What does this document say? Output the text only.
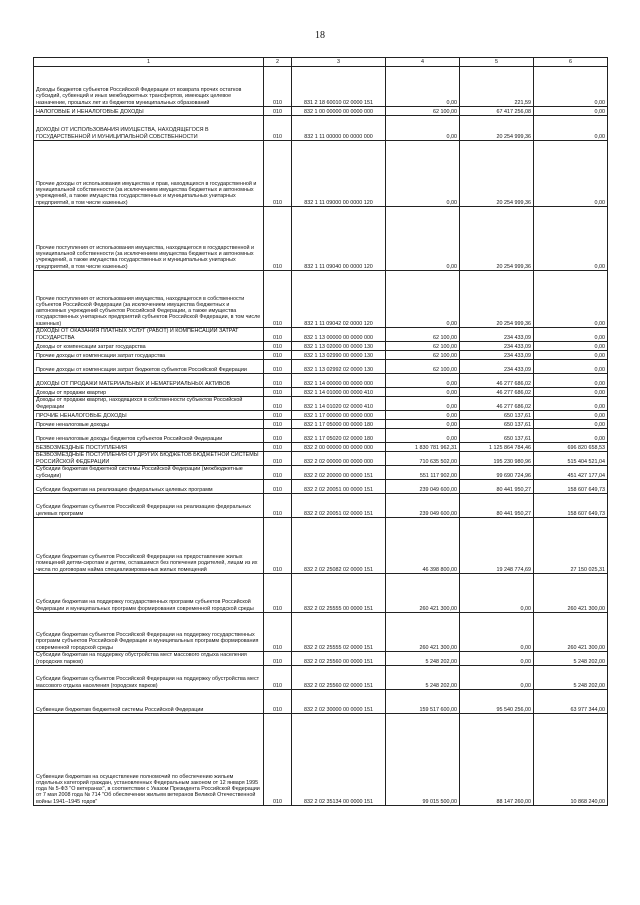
18
1	2	3	4	5	6
Доходы бюджетов субъектов Российской Федерации от возврата прочих остатков субсидий, субвенций и иных межбюджетных трансфертов, имеющих целевое назначение, прошлых лет из бюджетов муниципальных образований	010	831 2 18 60010 02 0000 151	0,00	221,59	0,00
НАЛОГОВЫЕ И НЕНАЛОГОВЫЕ ДОХОДЫ	010	832 1 00 00000 00 0000 000	62 100,00	67 417 256,08	0,00
ДОХОДЫ ОТ ИСПОЛЬЗОВАНИЯ ИМУЩЕСТВА, НАХОДЯЩЕГОСЯ В ГОСУДАРСТВЕННОЙ И МУНИЦИПАЛЬНОЙ СОБСТВЕННОСТИ	010	832 1 11 00000 00 0000 000	0,00	20 254 999,36	0,00
Прочие доходы от использования имущества и прав, находящихся в государственной и муниципальной собственности (за исключением имущества бюджетных и автономных учреждений, а также имущества государственных и муниципальных унитарных предприятий, в том числе казенных)	010	832 1 11 09000 00 0000 120	0,00	20 254 999,36	0,00
Прочие поступления от использования имущества, находящегося в государственной и муниципальной собственности (за исключением имущества бюджетных и автономных учреждений, а также имущества государственных и муниципальных унитарных предприятий, в том числе казенных)	010	832 1 11 09040 00 0000 120	0,00	20 254 999,36	0,00
Прочие поступления от использования имущества, находящегося в собственности субъектов Российской Федерации (за исключением имущества бюджетных и автономных учреждений субъектов Российской Федерации, а также имущества государственных унитарных предприятий субъектов Российской Федерации, в том числе казенных)	010	832 1 11 09042 02 0000 120	0,00	20 254 999,36	0,00
ДОХОДЫ ОТ ОКАЗАНИЯ ПЛАТНЫХ УСЛУГ (РАБОТ) И КОМПЕНСАЦИИ ЗАТРАТ ГОСУДАРСТВА	010	832 1 13 00000 00 0000 000	62 100,00	234 433,09	0,00
Доходы от компенсации затрат государства	010	832 1 13 02000 00 0000 130	62 100,00	234 433,09	0,00
Прочие доходы от компенсации затрат государства	010	832 1 13 02990 00 0000 130	62 100,00	234 433,09	0,00
Прочие доходы от компенсации затрат бюджетов субъектов Российской Федерации	010	832 1 13 02992 02 0000 130	62 100,00	234 433,09	0,00
ДОХОДЫ ОТ ПРОДАЖИ МАТЕРИАЛЬНЫХ И НЕМАТЕРИАЛЬНЫХ АКТИВОВ	010	832 1 14 00000 00 0000 000	0,00	46 277 686,02	0,00
Доходы от продажи квартир	010	832 1 14 01000 00 0000 410	0,00	46 277 686,02	0,00
Доходы от продажи квартир, находящихся в собственности субъектов Российской Федерации	010	832 1 14 01020 02 0000 410	0,00	46 277 686,02	0,00
ПРОЧИЕ НЕНАЛОГОВЫЕ ДОХОДЫ	010	832 1 17 00000 00 0000 000	0,00	650 137,61	0,00
Прочие неналоговые доходы	010	832 1 17 05000 00 0000 180	0,00	650 137,61	0,00
Прочие неналоговые доходы бюджетов субъектов Российской Федерации	010	832 1 17 05020 02 0000 180	0,00	650 137,61	0,00
БЕЗВОЗМЕЗДНЫЕ ПОСТУПЛЕНИЯ	010	832 2 00 00000 00 0000 000	1 830 781 962,31	1 125 864 784,46	696 820 658,53
БЕЗВОЗМЕЗДНЫЕ ПОСТУПЛЕНИЯ ОТ ДРУГИХ БЮДЖЕТОВ БЮДЖЕТНОЙ СИСТЕМЫ РОССИЙСКОЙ ФЕДЕРАЦИИ	010	832 2 02 00000 00 0000 000	710 635 502,00	195 230 980,96	515 404 521,04
Субсидии бюджетам бюджетной системы Российской Федерации (межбюджетные субсидии)	010	832 2 02 20000 00 0000 151	551 117 902,00	99 690 724,96	451 427 177,04
Субсидии бюджетам на реализацию федеральных целевых программ	010	832 2 02 20051 00 0000 151	239 049 600,00	80 441 950,27	158 607 649,73
Субсидии бюджетам субъектов Российской Федерации на реализацию федеральных целевых программ	010	832 2 02 20051 02 0000 151	239 049 600,00	80 441 950,27	158 607 649,73
Субсидии бюджетам субъектов Российской Федерации на предоставление жилых помещений детям-сиротам и детям, оставшимся без попечения родителей, лицам из их числа по договорам найма специализированных жилых помещений	010	832 2 02 25082 02 0000 151	46 398 800,00	19 248 774,69	27 150 025,31
Субсидии бюджетам на поддержку государственных программ субъектов Российской Федерации и муниципальных программ формирования современной городской среды	010	832 2 02 25555 00 0000 151	260 421 300,00	0,00	260 421 300,00
Субсидии бюджетам субъектов Российской Федерации на поддержку государственных программ субъектов Российской Федерации и муниципальных программ формирования современной городской среды	010	832 2 02 25555 02 0000 151	260 421 300,00	0,00	260 421 300,00
Субсидии бюджетам на поддержку обустройства мест массового отдыха населения (городских парков)	010	832 2 02 25560 00 0000 151	5 248 202,00	0,00	5 248 202,00
Субсидии бюджетам субъектов Российской Федерации на поддержку обустройства мест массового отдыха населения (городских парков)	010	832 2 02 25560 02 0000 151	5 248 202,00	0,00	5 248 202,00
Субвенции бюджетам бюджетной системы Российской Федерации	010	832 2 02 30000 00 0000 151	159 517 600,00	95 540 256,00	63 977 344,00
Субвенции бюджетам на осуществление полномочий по обеспечению жильем отдельных категорий граждан, установленных Федеральным законом от 12 января 1995 года № 5-ФЗ "О ветеранах", в соответствии с Указом Президента Российской Федерации от 7 мая 2008 года № 714 "Об обеспечении жильем ветеранов Великой Отечественной войны 1941–1945 годов"	010	832 2 02 35134 00 0000 151	99 015 500,00	88 147 260,00	10 868 240,00
